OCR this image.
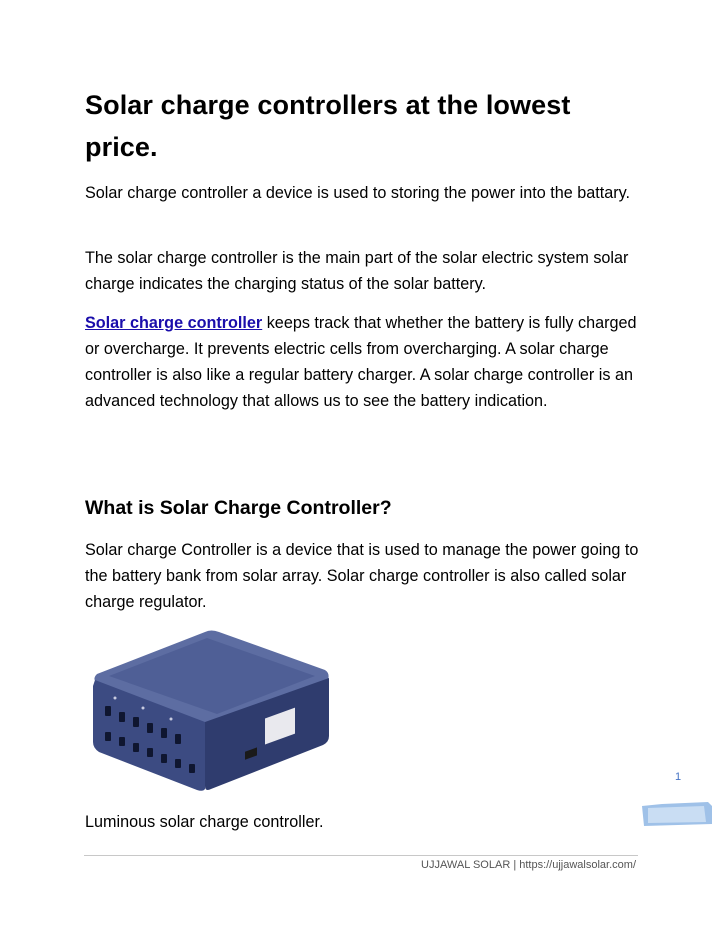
Solar charge controllers at the lowest price.

Solar charge controller a device is used to storing the power into the battary.

The solar charge controller is the main part of the solar electric system solar charge indicates the charging status of the solar battery.

Solar charge controller keeps track that whether the battery is fully charged or overcharge. It prevents electric cells from overcharging. A solar charge controller is also like a regular battery charger. A solar charge controller is an advanced technology that allows us to see the battery indication.

What is Solar Charge Controller?

Solar charge Controller is a device that is used to manage the power going to the battery bank from solar array. Solar charge controller is also called solar charge regulator.

Luminous solar charge controller.

1
UJJAWAL SOLAR | https://ujjawalsolar.com/
